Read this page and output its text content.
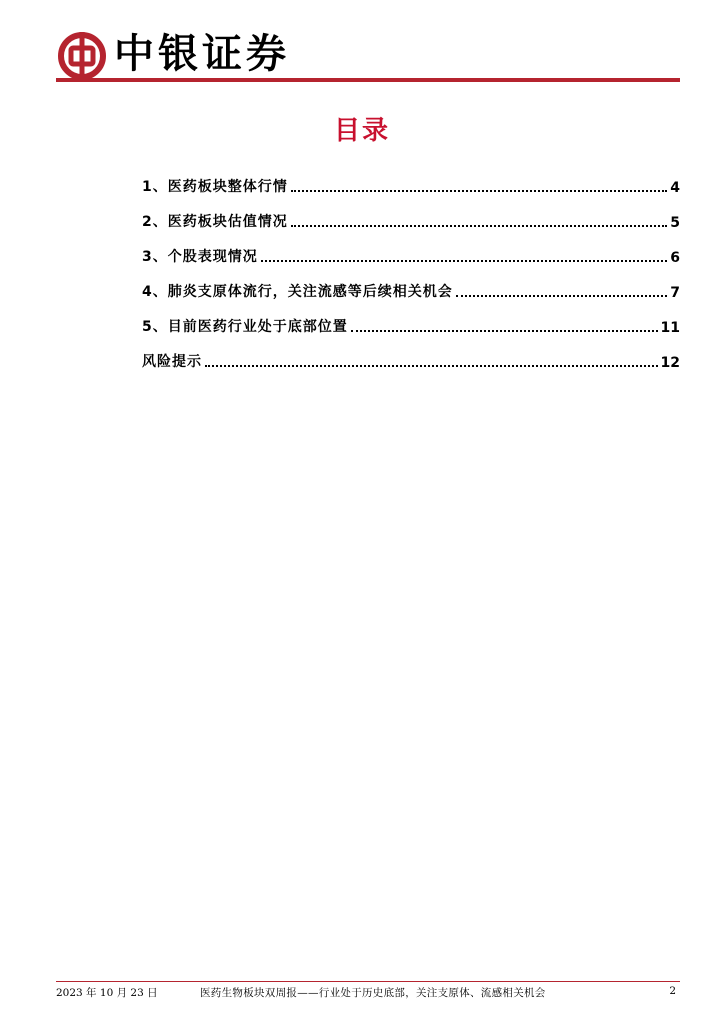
中银证券
目录
1、医药板块整体行情	4
2、医药板块估值情况	5
3、个股表现情况	6
4、肺炎支原体流行，关注流感等后续相关机会	7
5、目前医药行业处于底部位置	11
风险提示	12
2023 年 10 月 23 日	医药生物板块双周报——行业处于历史底部，关注支原体、流感相关机会	2
